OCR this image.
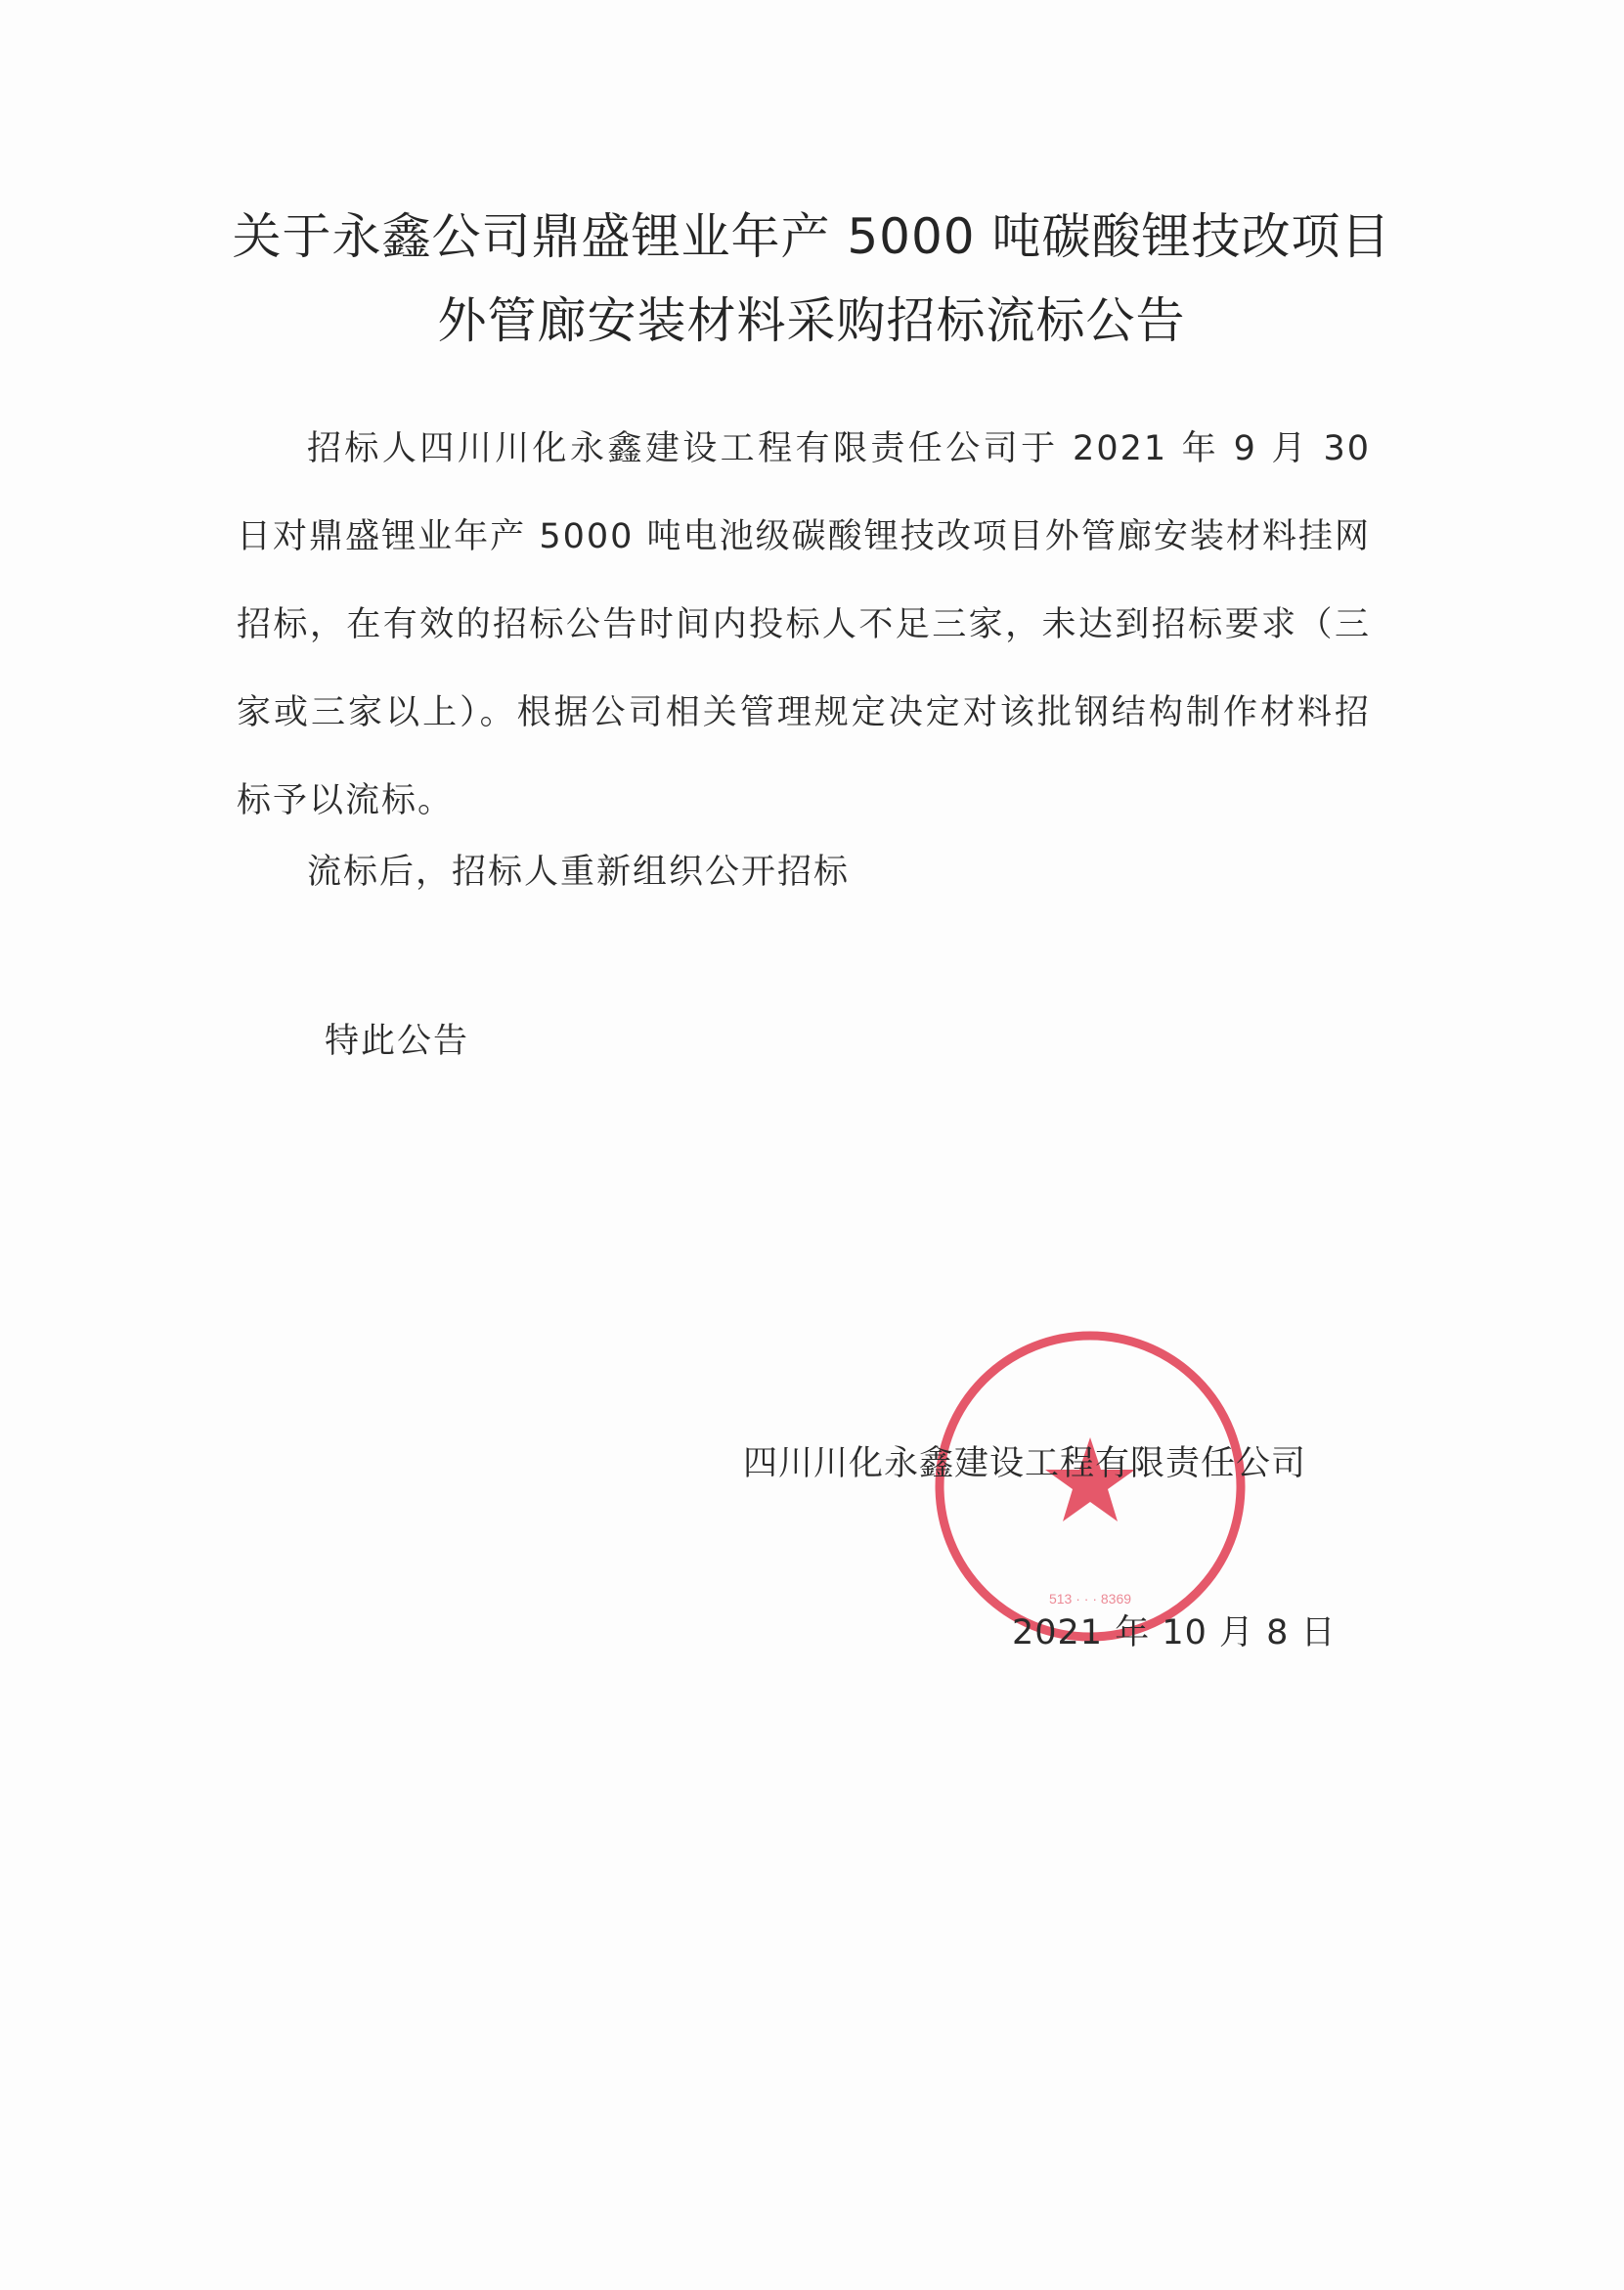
关于永鑫公司鼎盛锂业年产 5000 吨碳酸锂技改项目
外管廊安装材料采购招标流标公告
招标人四川川化永鑫建设工程有限责任公司于 2021 年 9 月 30 日对鼎盛锂业年产 5000 吨电池级碳酸锂技改项目外管廊安装材料挂网招标，在有效的招标公告时间内投标人不足三家，未达到招标要求（三家或三家以上）。根据公司相关管理规定决定对该批钢结构制作材料招标予以流标。
流标后，招标人重新组织公开招标
特此公告
513 · · · 8369
四川川化永鑫建设工程有限责任公司
2021 年 10 月 8 日
